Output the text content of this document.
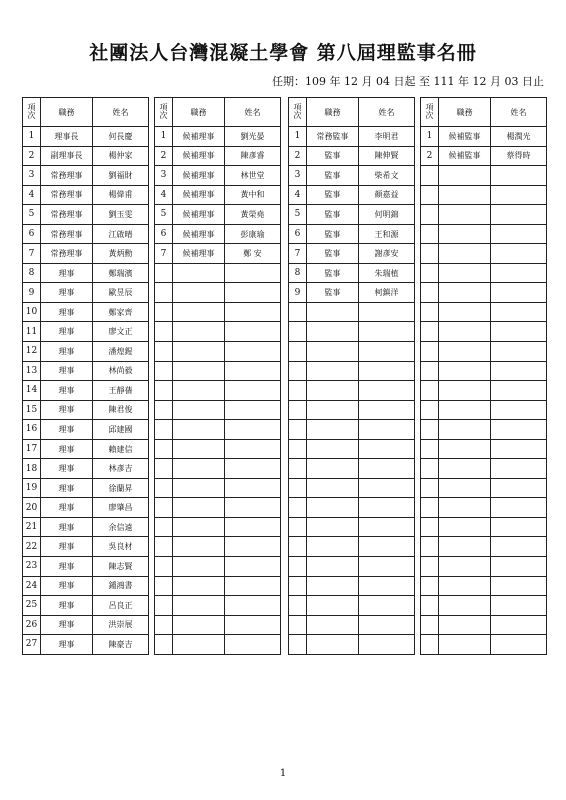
社團法人台灣混凝土學會 第八屆理監事名冊
任期：109 年 12 月 04 日起 至 111 年 12 月 03 日止
項
次	職務	姓名
1	理事長	何長慶
2	副理事長	楊仲家
3	常務理事	劉福財
4	常務理事	楊偉甫
5	常務理事	劉玉雯
6	常務理事	江啟晴
7	常務理事	黃炳勳
8	理事	鄭瑞濱
9	理事	歐昱辰
10	理事	鄭家齊
11	理事	廖文正
12	理事	潘煌鍟
13	理事	林尚毅
14	理事	王靜蒨
15	理事	陳君俊
16	理事	邱建國
17	理事	賴建信
18	理事	林彥吉
19	理事	徐蘭昇
20	理事	廖肇昌
21	理事	余信遠
22	理事	吳良材
23	理事	陳志賢
24	理事	鍾鴻書
25	理事	呂良正
26	理事	洪崇展
27	理事	陳豪吉
項
次	職務	姓名
1	候補理事	劉光晏
2	候補理事	陳彥睿
3	候補理事	林世堂
4	候補理事	黃中和
5	候補理事	黃榮堯
6	候補理事	彭康瑜
7	候補理事	鄭 安

項
次	職務	姓名
1	常務監事	李明君
2	監事	陳伸賢
3	監事	柴希文
4	監事	顏嘉益
5	監事	何明錦
6	監事	王和源
7	監事	謝彥安
8	監事	朱瑞植
9	監事	柯鎮洋

項
次	職務	姓名
1	候補監事	楊潤光
2	候補監事	蔡得時

1
